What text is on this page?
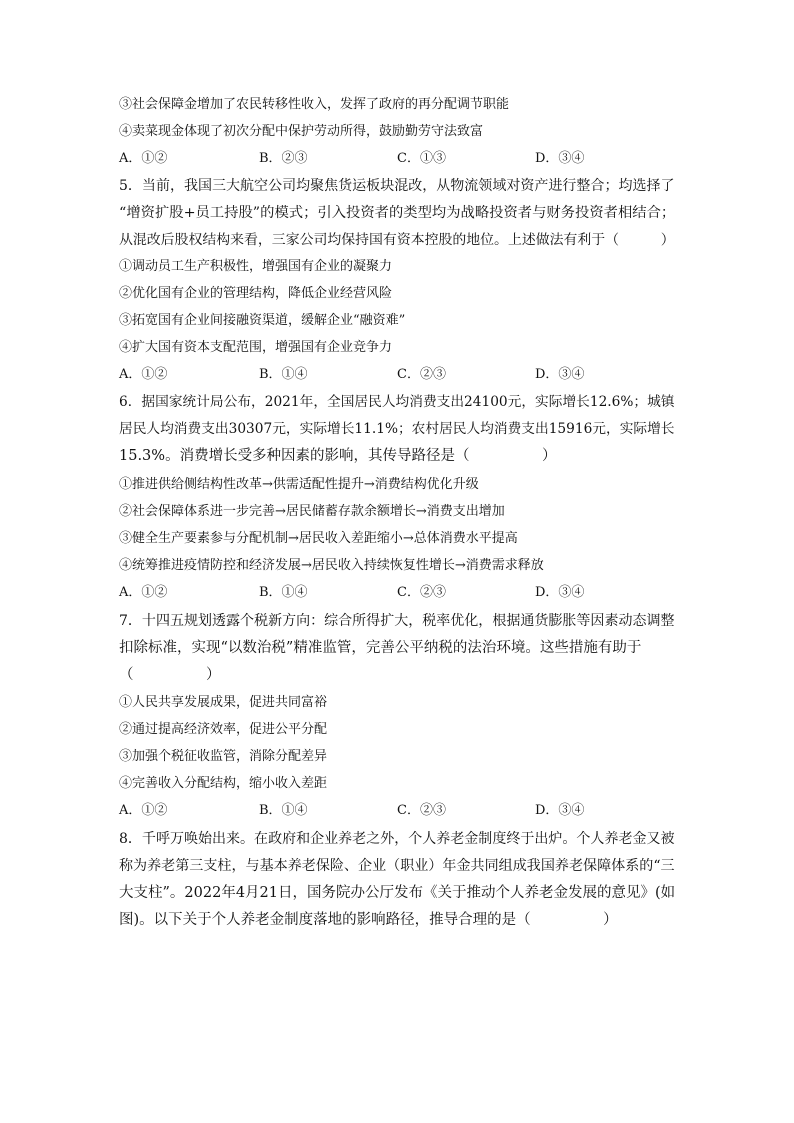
③社会保障金增加了农民转移性收入，发挥了政府的再分配调节职能
④卖菜现金体现了初次分配中保护劳动所得，鼓励勤劳守法致富
A．①②	B．②③	C．①③	D．③④
5．当前，我国三大航空公司均聚焦货运板块混改，从物流领域对资产进行整合；均选择了
“增资扩股+员工持股”的模式；引入投资者的类型均为战略投资者与财务投资者相结合；
从混改后股权结构来看，三家公司均保持国有资本控股的地位。上述做法有利于（　　　）
①调动员工生产积极性，增强国有企业的凝聚力
②优化国有企业的管理结构，降低企业经营风险
③拓宽国有企业间接融资渠道，缓解企业“融资难”
④扩大国有资本支配范围，增强国有企业竞争力
A．①②	B．①④	C．②③	D．③④
6．据国家统计局公布，2021年，全国居民人均消费支出24100元，实际增长12.6%；城镇
居民人均消费支出30307元，实际增长11.1%；农村居民人均消费支出15916元，实际增长
15.3%。消费增长受多种因素的影响，其传导路径是（　　　　　）
①推进供给侧结构性改革→供需适配性提升→消费结构优化升级
②社会保障体系进一步完善→居民储蓄存款余额增长→消费支出增加
③健全生产要素参与分配机制→居民收入差距缩小→总体消费水平提高
④统筹推进疫情防控和经济发展→居民收入持续恢复性增长→消费需求释放
A．①②	B．①④	C．②③	D．③④
7．十四五规划透露个税新方向：综合所得扩大，税率优化，根据通货膨胀等因素动态调整
扣除标准，实现“以数治税”精准监管，完善公平纳税的法治环境。这些措施有助于
（　　　　　）
①人民共享发展成果，促进共同富裕
②通过提高经济效率，促进公平分配
③加强个税征收监管，消除分配差异
④完善收入分配结构，缩小收入差距
A．①②	B．①④	C．②③	D．③④
8．千呼万唤始出来。在政府和企业养老之外，个人养老金制度终于出炉。个人养老金又被
称为养老第三支柱，与基本养老保险、企业（职业）年金共同组成我国养老保障体系的“三
大支柱”。2022年4月21日，国务院办公厅发布《关于推动个人养老金发展的意见》(如
图)。以下关于个人养老金制度落地的影响路径，推导合理的是（　　　　　）
